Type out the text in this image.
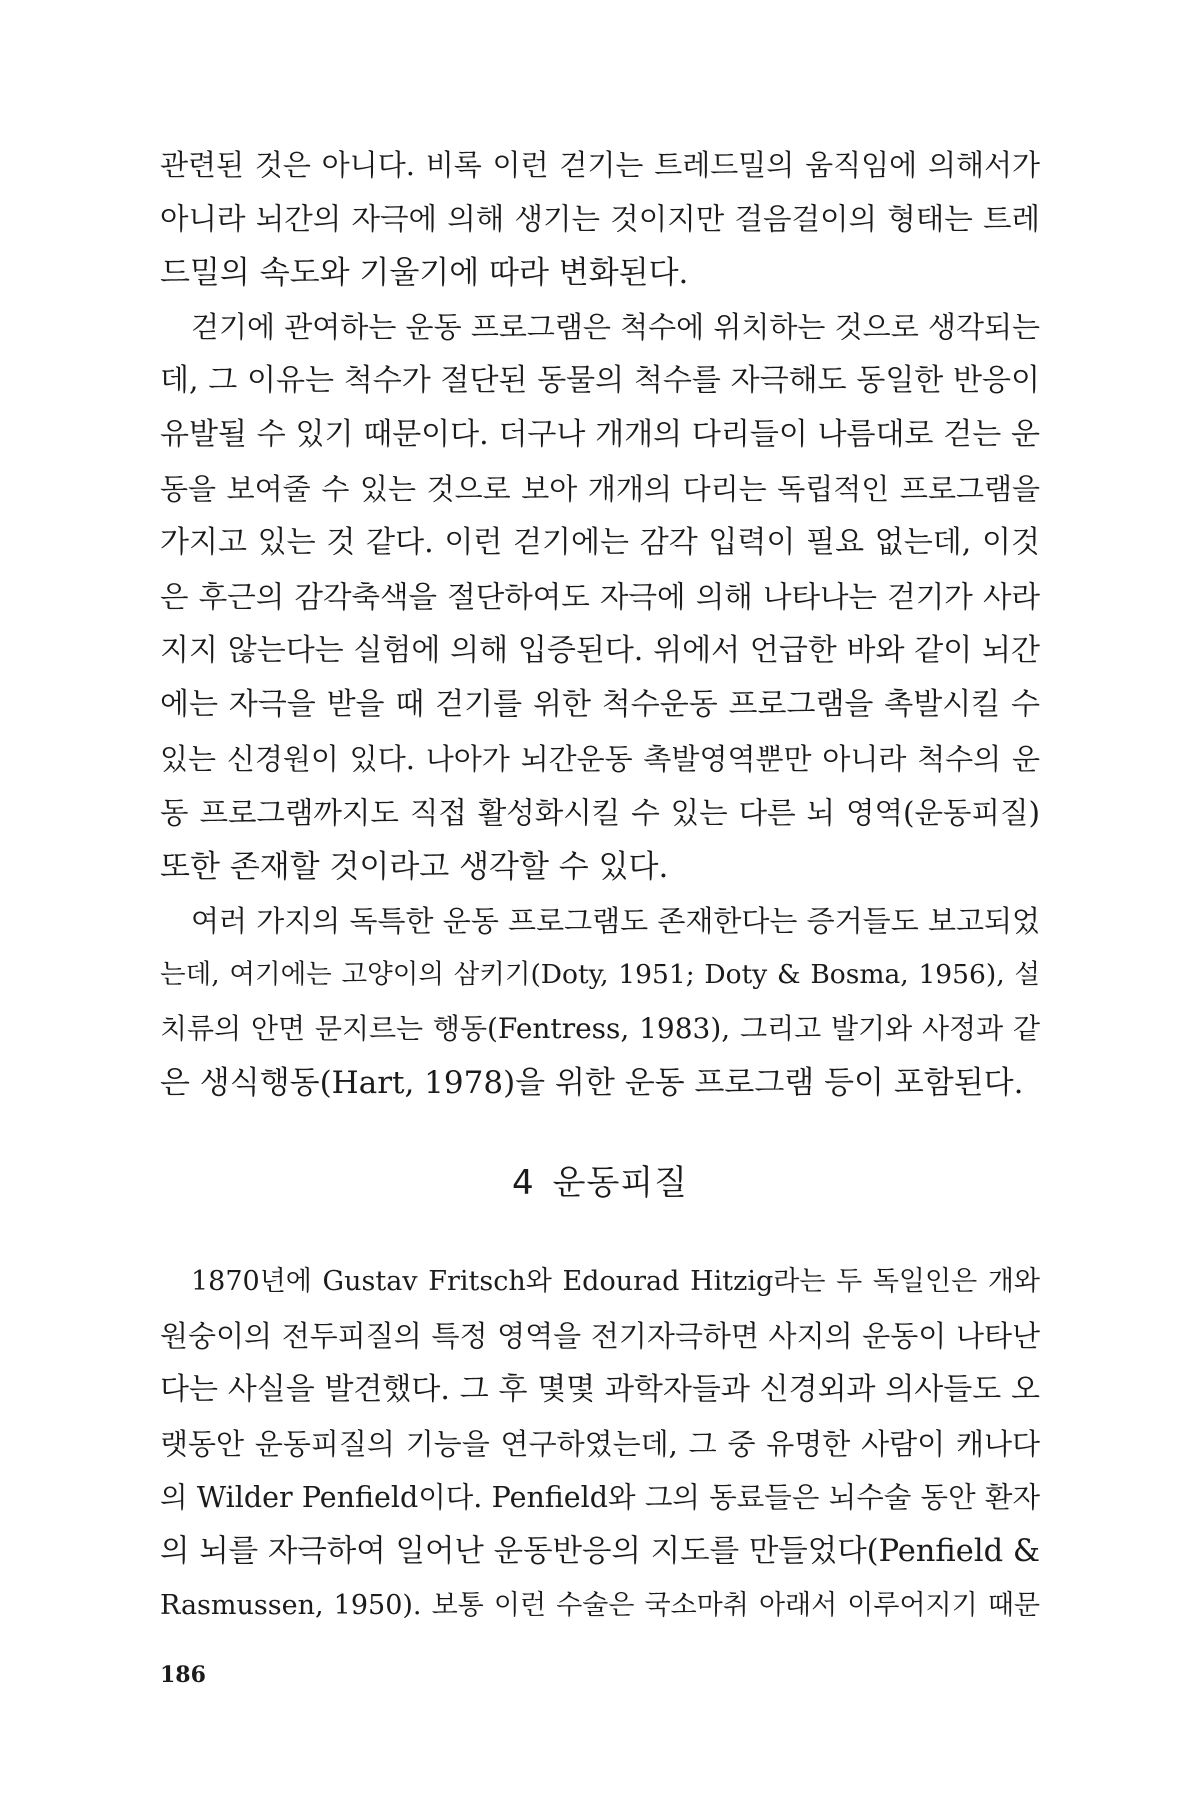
관련된 것은 아니다. 비록 이런 걷기는 트레드밀의 움직임에 의해서가
아니라 뇌간의 자극에 의해 생기는 것이지만 걸음걸이의 형태는 트레
드밀의 속도와 기울기에 따라 변화된다.
걷기에 관여하는 운동 프로그램은 척수에 위치하는 것으로 생각되는
데, 그 이유는 척수가 절단된 동물의 척수를 자극해도 동일한 반응이
유발될 수 있기 때문이다. 더구나 개개의 다리들이 나름대로 걷는 운
동을 보여줄 수 있는 것으로 보아 개개의 다리는 독립적인 프로그램을
가지고 있는 것 같다. 이런 걷기에는 감각 입력이 필요 없는데, 이것
은 후근의 감각축색을 절단하여도 자극에 의해 나타나는 걷기가 사라
지지 않는다는 실험에 의해 입증된다. 위에서 언급한 바와 같이 뇌간
에는 자극을 받을 때 걷기를 위한 척수운동 프로그램을 촉발시킬 수
있는 신경원이 있다. 나아가 뇌간운동 촉발영역뿐만 아니라 척수의 운
동 프로그램까지도 직접 활성화시킬 수 있는 다른 뇌 영역(운동피질)
또한 존재할 것이라고 생각할 수 있다.
여러 가지의 독특한 운동 프로그램도 존재한다는 증거들도 보고되었
는데, 여기에는 고양이의 삼키기(Doty, 1951; Doty & Bosma, 1956), 설
치류의 안면 문지르는 행동(Fentress, 1983), 그리고 발기와 사정과 같
은 생식행동(Hart, 1978)을 위한 운동 프로그램 등이 포함된다.
4 운동피질
1870년에 Gustav Fritsch와 Edourad Hitzig라는 두 독일인은 개와
원숭이의 전두피질의 특정 영역을 전기자극하면 사지의 운동이 나타난
다는 사실을 발견했다. 그 후 몇몇 과학자들과 신경외과 의사들도 오
랫동안 운동피질의 기능을 연구하였는데, 그 중 유명한 사람이 캐나다
의 Wilder Penfield이다. Penfield와 그의 동료들은 뇌수술 동안 환자
의 뇌를 자극하여 일어난 운동반응의 지도를 만들었다(Penfield &
Rasmussen, 1950). 보통 이런 수술은 국소마취 아래서 이루어지기 때문
186
